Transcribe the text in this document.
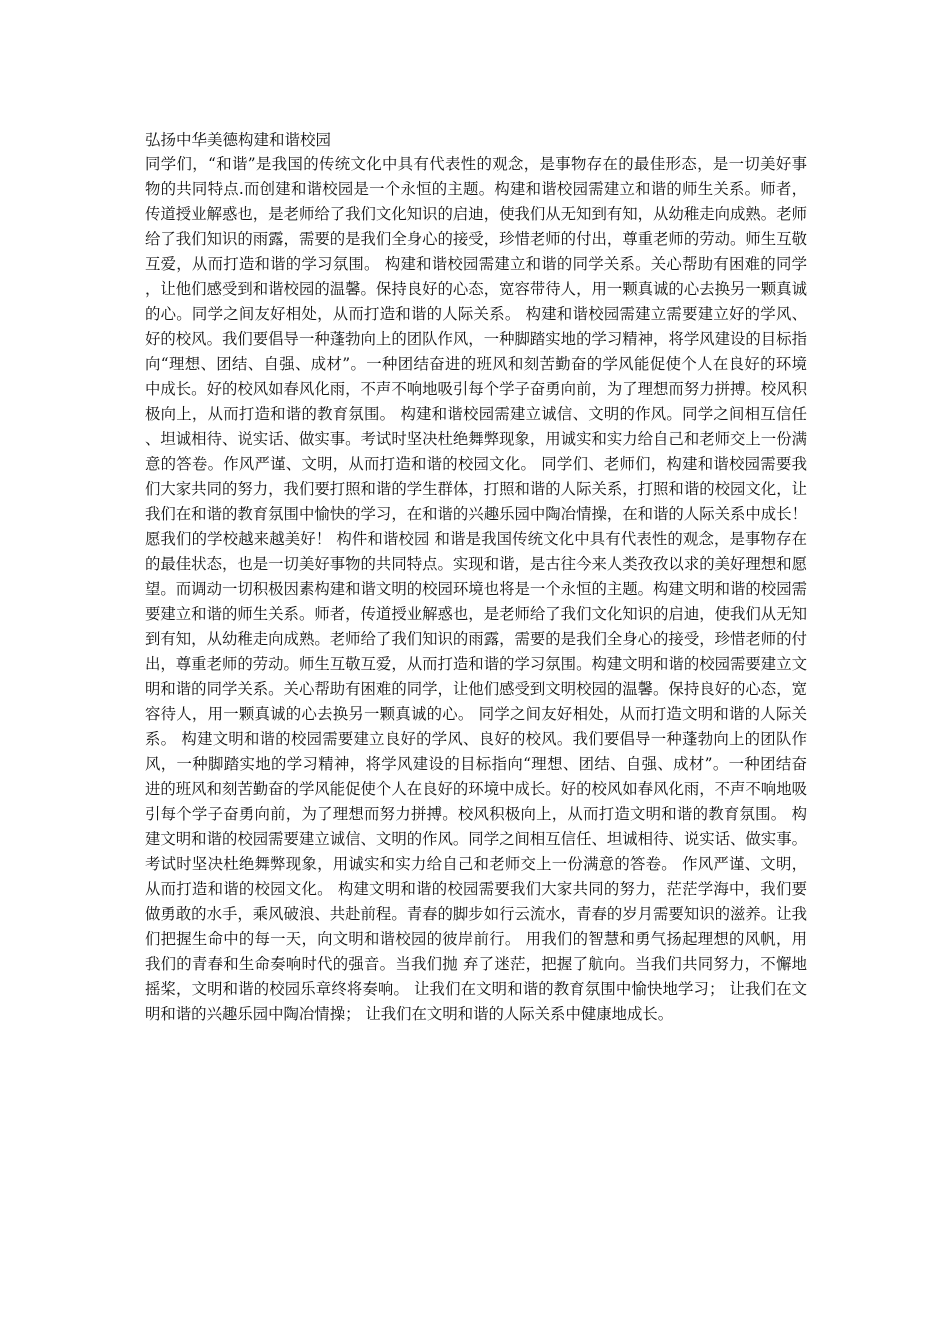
弘扬中华美德构建和谐校园
同学们，“和谐”是我国的传统文化中具有代表性的观念，是事物存在的最佳形态，是一切美好事物的共同特点.而创建和谐校园是一个永恒的主题。构建和谐校园需建立和谐的师生关系。师者，传道授业解惑也，是老师给了我们文化知识的启迪，使我们从无知到有知，从幼稚走向成熟。老师给了我们知识的雨露，需要的是我们全身心的接受，珍惜老师的付出，尊重老师的劳动。师生互敬互爱，从而打造和谐的学习氛围。 构建和谐校园需建立和谐的同学关系。关心帮助有困难的同学，让他们感受到和谐校园的温馨。保持良好的心态，宽容带待人，用一颗真诚的心去换另一颗真诚的心。同学之间友好相处，从而打造和谐的人际关系。 构建和谐校园需建立需要建立好的学风、好的校风。我们要倡导一种蓬勃向上的团队作风，一种脚踏实地的学习精神，将学风建设的目标指向“理想、团结、自强、成材”。一种团结奋进的班风和刻苦勤奋的学风能促使个人在良好的环境中成长。好的校风如春风化雨，不声不响地吸引每个学子奋勇向前，为了理想而努力拼搏。校风积极向上，从而打造和谐的教育氛围。 构建和谐校园需建立诚信、文明的作风。同学之间相互信任、坦诚相待、说实话、做实事。考试时坚决杜绝舞弊现象，用诚实和实力给自己和老师交上一份满意的答卷。作风严谨、文明，从而打造和谐的校园文化。 同学们、老师们，构建和谐校园需要我们大家共同的努力，我们要打照和谐的学生群体，打照和谐的人际关系，打照和谐的校园文化，让我们在和谐的教育氛围中愉快的学习，在和谐的兴趣乐园中陶冶情操，在和谐的人际关系中成长！ 愿我们的学校越来越美好！ 构件和谐校园 和谐是我国传统文化中具有代表性的观念，是事物存在的最佳状态，也是一切美好事物的共同特点。实现和谐，是古往今来人类孜孜以求的美好理想和愿望。而调动一切积极因素构建和谐文明的校园环境也将是一个永恒的主题。构建文明和谐的校园需要建立和谐的师生关系。师者，传道授业解惑也，是老师给了我们文化知识的启迪，使我们从无知到有知，从幼稚走向成熟。老师给了我们知识的雨露，需要的是我们全身心的接受，珍惜老师的付出，尊重老师的劳动。师生互敬互爱，从而打造和谐的学习氛围。构建文明和谐的校园需要建立文明和谐的同学关系。关心帮助有困难的同学，让他们感受到文明校园的温馨。保持良好的心态，宽容待人，用一颗真诚的心去换另一颗真诚的心。 同学之间友好相处，从而打造文明和谐的人际关系。 构建文明和谐的校园需要建立良好的学风、良好的校风。我们要倡导一种蓬勃向上的团队作风，一种脚踏实地的学习精神，将学风建设的目标指向“理想、团结、自强、成材”。一种团结奋进的班风和刻苦勤奋的学风能促使个人在良好的环境中成长。好的校风如春风化雨，不声不响地吸引每个学子奋勇向前，为了理想而努力拼搏。校风积极向上，从而打造文明和谐的教育氛围。 构建文明和谐的校园需要建立诚信、文明的作风。同学之间相互信任、坦诚相待、说实话、做实事。考试时坚决杜绝舞弊现象，用诚实和实力给自己和老师交上一份满意的答卷。 作风严谨、文明，从而打造和谐的校园文化。 构建文明和谐的校园需要我们大家共同的努力，茫茫学海中，我们要做勇敢的水手，乘风破浪、共赴前程。青春的脚步如行云流水，青春的岁月需要知识的滋养。让我们把握生命中的每一天，向文明和谐校园的彼岸前行。 用我们的智慧和勇气扬起理想的风帆，用我们的青春和生命奏响时代的强音。当我们抛 弃了迷茫，把握了航向。当我们共同努力，不懈地摇桨，文明和谐的校园乐章终将奏响。 让我们在文明和谐的教育氛围中愉快地学习； 让我们在文明和谐的兴趣乐园中陶冶情操； 让我们在文明和谐的人际关系中健康地成长。
